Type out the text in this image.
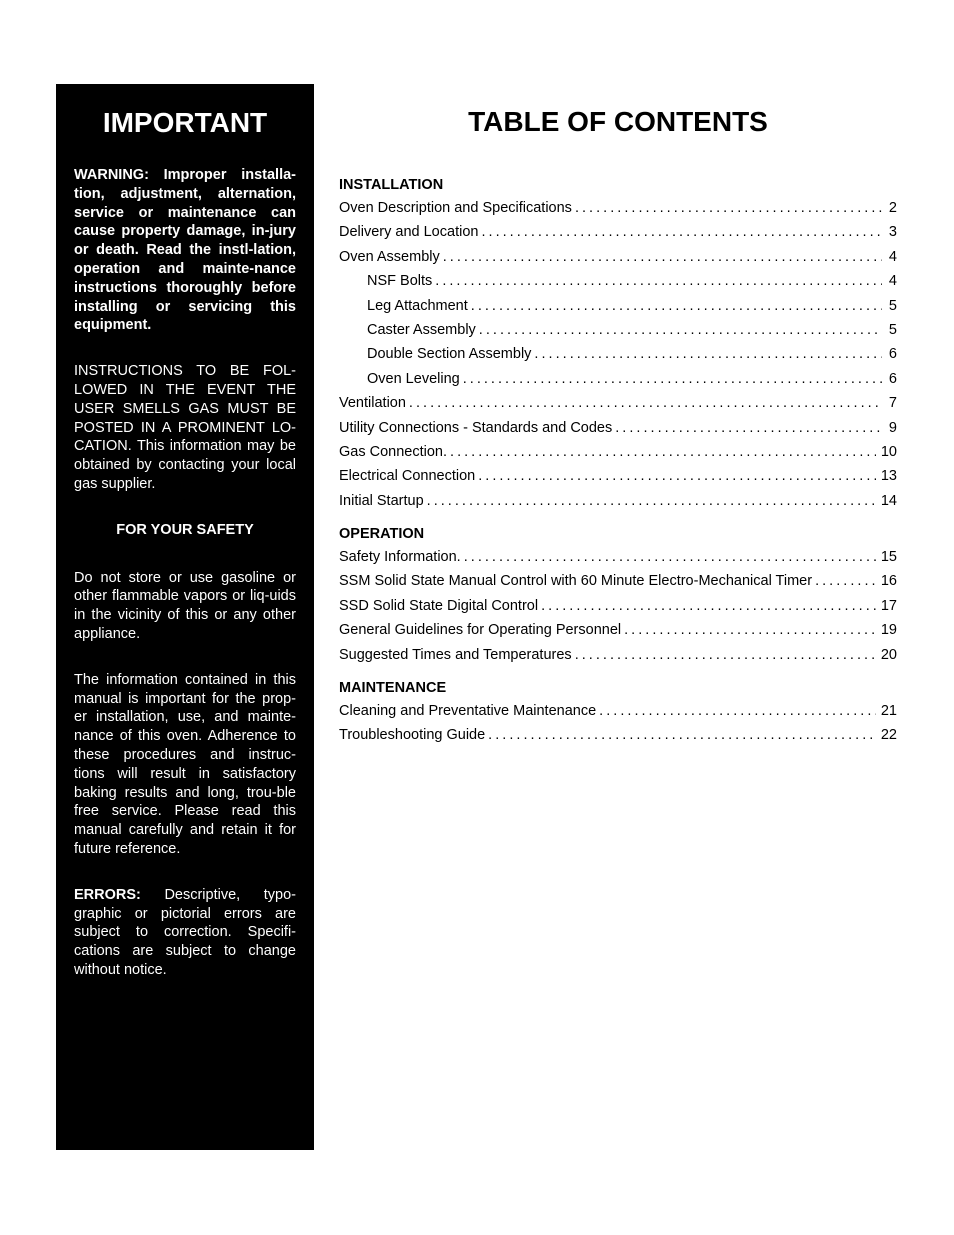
IMPORTANT

WARNING: Improper installa-tion, adjustment, alternation, service or maintenance can cause property damage, in-jury or death. Read the instl-lation, operation and mainte-nance instructions thoroughly before installing or servicing this equipment.

INSTRUCTIONS TO BE FOL-LOWED IN THE EVENT THE USER SMELLS GAS MUST BE POSTED IN A PROMINENT LO-CATION. This information may be obtained by contacting your local gas supplier.

FOR YOUR SAFETY

Do not store or use gasoline or other flammable vapors or liq-uids in the vicinity of this or any other appliance.

The information contained in this manual is important for the prop-er installation, use, and mainte-nance of this oven. Adherence to these procedures and instruc-tions will result in satisfactory baking results and long, trou-ble free service. Please read this manual carefully and retain it for future reference.

ERRORS: Descriptive, typo-graphic or pictorial errors are subject to correction. Specifi-cations are subject to change without notice.

TABLE OF CONTENTS
INSTALLATION
Oven Description and Specifications . . .	2
Delivery and Location . . .	3
Oven Assembly . . .	4
NSF Bolts . . .	4
Leg Attachment . . .	5
Caster Assembly . . .	5
Double Section Assembly . . .	6
Oven Leveling . . .	6
Ventilation . . .	7
Utility Connections - Standards and Codes . . .	9
Gas Connection. . . .	10
Electrical Connection . . .	13
Initial Startup . . .	14
OPERATION
Safety Information. . . .	15
SSM Solid State Manual Control with 60 Minute Electro-Mechanical Timer . . .	16
SSD Solid State Digital Control . . .	17
General Guidelines for Operating Personnel . . .	19
Suggested Times and Temperatures . . .	20
MAINTENANCE
Cleaning and Preventative Maintenance . . .	21
Troubleshooting Guide . . .	22
